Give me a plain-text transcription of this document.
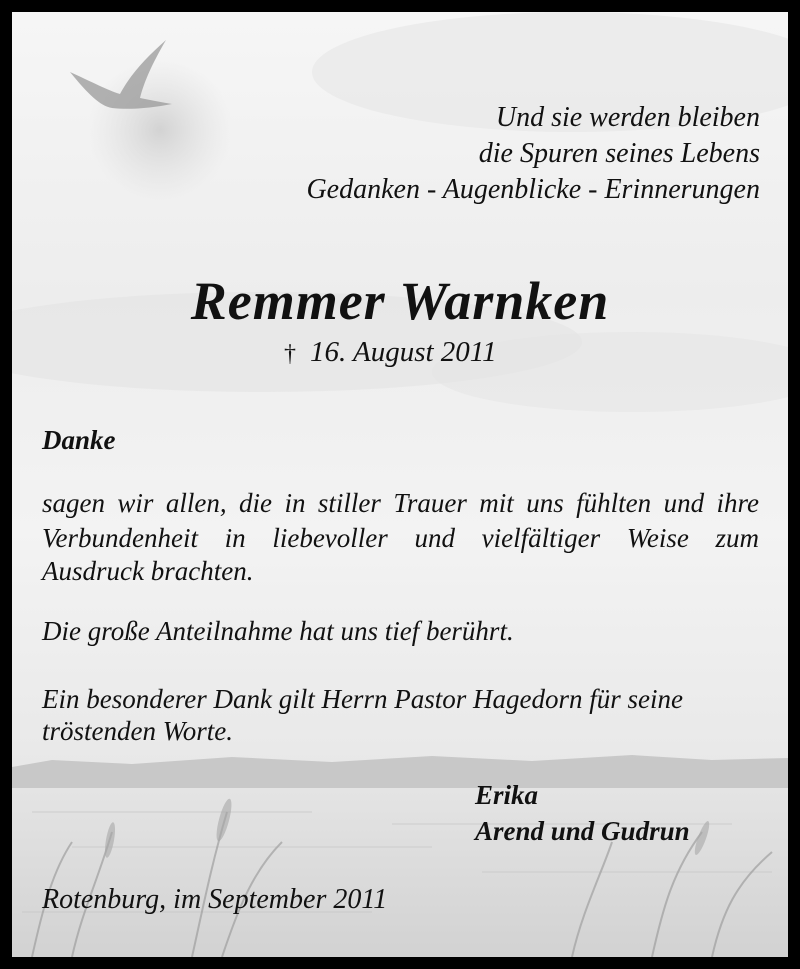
Und sie werden bleiben
die Spuren seines Lebens
Gedanken - Augenblicke - Erinnerungen
Remmer Warnken
† 16. August 2011
Danke
sagen wir allen, die in stiller Trauer mit uns fühlten und ihre
Verbundenheit in liebevoller und vielfältiger Weise zum
Ausdruck brachten.
Die große Anteilnahme hat uns tief berührt.
Ein besonderer Dank gilt Herrn Pastor Hagedorn für seine
tröstenden Worte.
Erika
Arend und Gudrun
Rotenburg, im September 2011
